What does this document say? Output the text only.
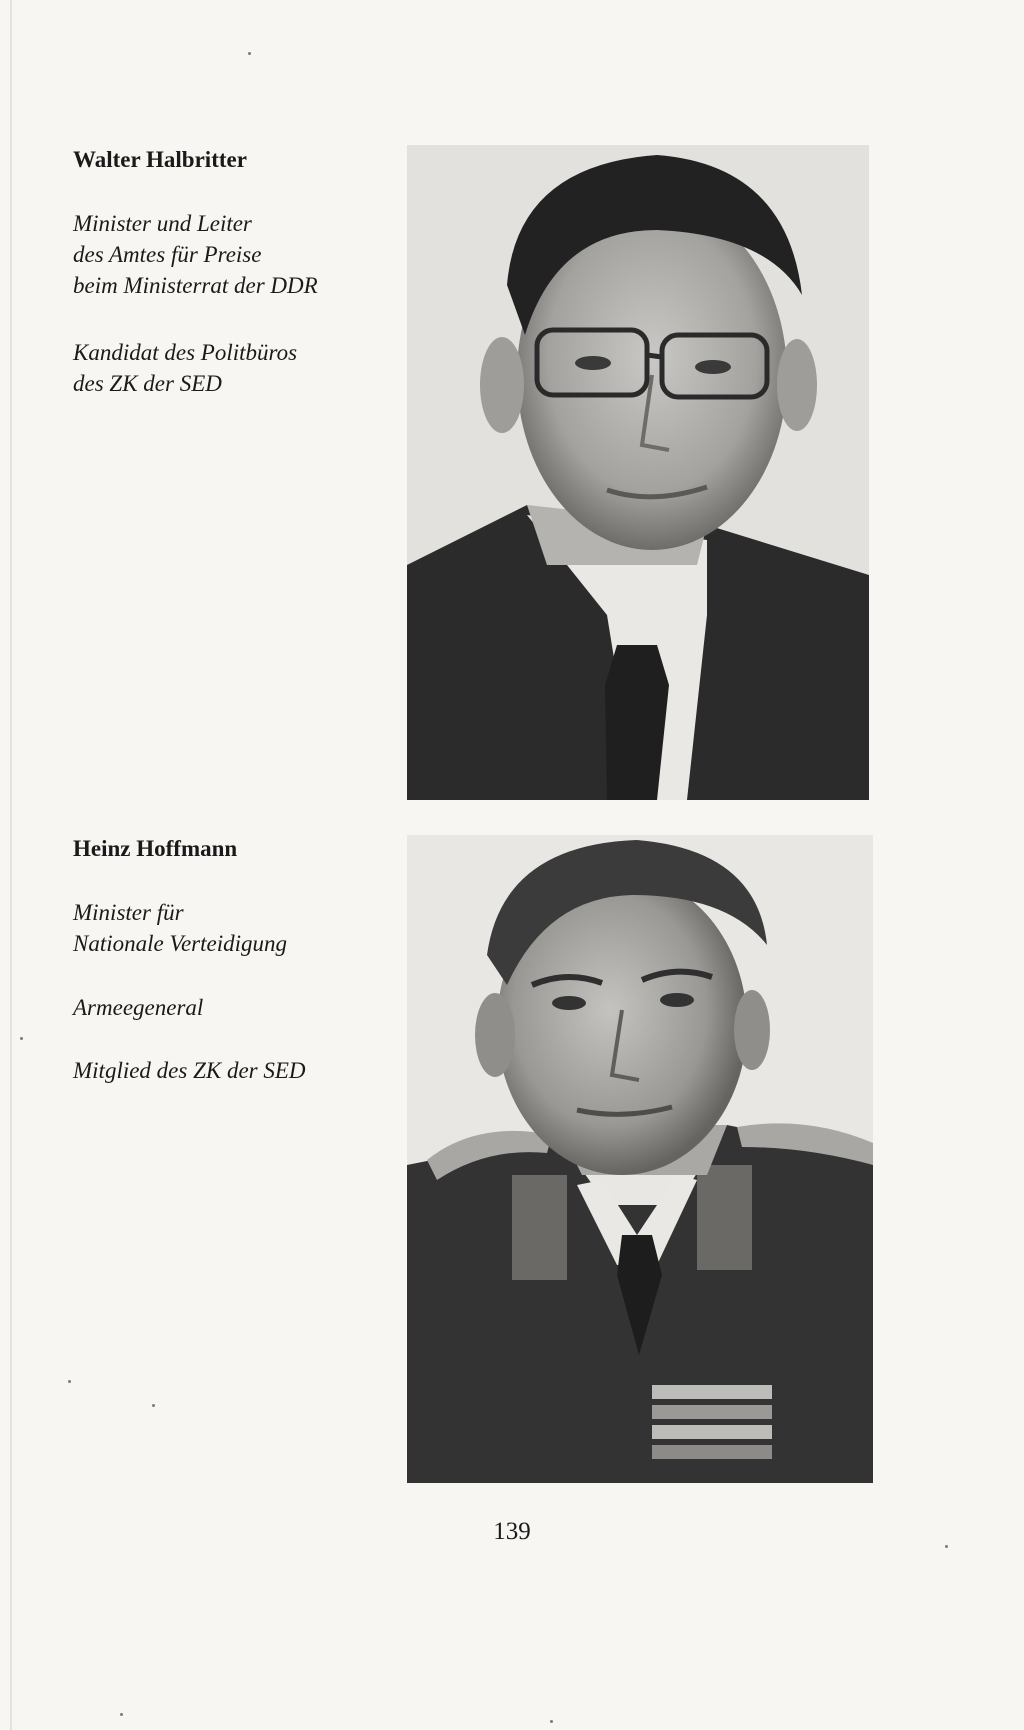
Walter Halbritter

Minister und Leiter
des Amtes für Preise
beim Ministerrat der DDR

Kandidat des Politbüros
des ZK der SED

Heinz Hoffmann

Minister für
Nationale Verteidigung

Armeegeneral

Mitglied des ZK der SED

139
